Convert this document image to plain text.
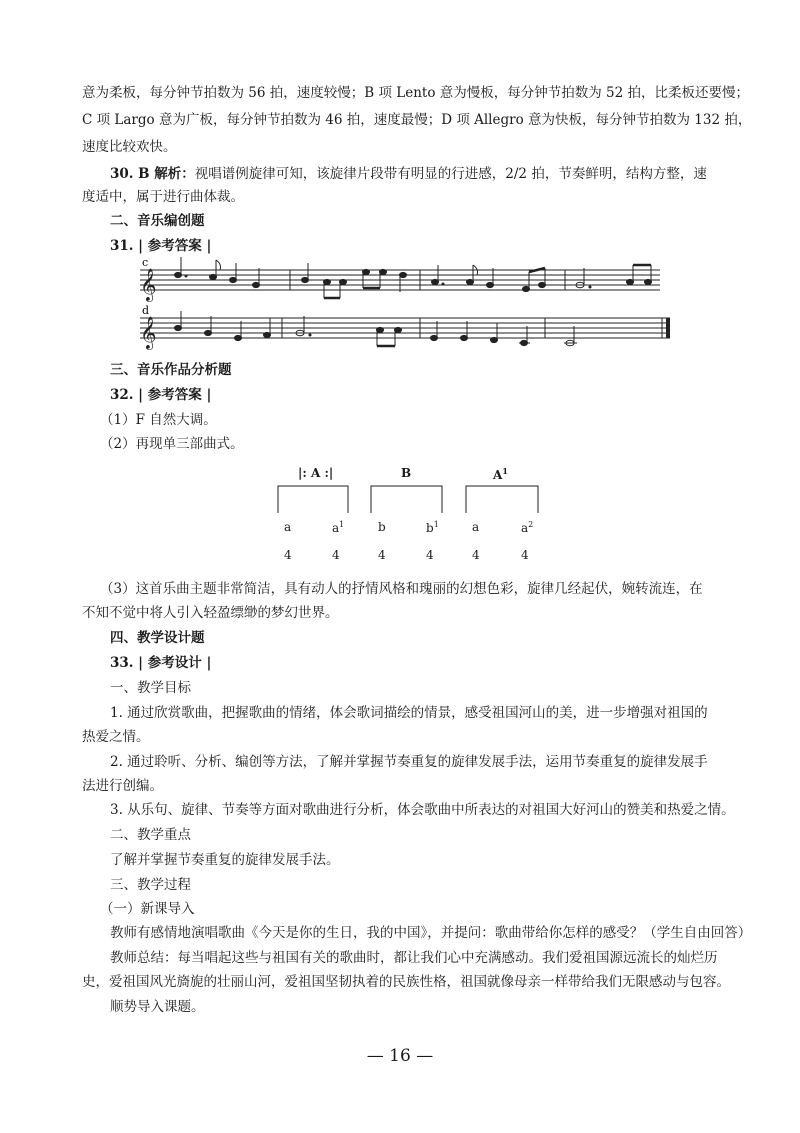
意为柔板，每分钟节拍数为 56 拍，速度较慢；B 项 Lento 意为慢板，每分钟节拍数为 52 拍，比柔板还要慢；
C 项 Largo 意为广板，每分钟节拍数为 46 拍，速度最慢；D 项 Allegro 意为快板，每分钟节拍数为 132 拍，
速度比较欢快。
30. B 解析：视唱谱例旋律可知，该旋律片段带有明显的行进感，2/2 拍，节奏鲜明，结构方整，速
度适中，属于进行曲体裁。
二、音乐编创题
31. | 参考答案 |
𝄞
𝄞
c
d
三、音乐作品分析题
32. | 参考答案 |
（1）F 自然大调。
（2）再现单三部曲式。
|: A :|	B	$A^1$
a	$a^1$	b	$b^1$	a	$a^2$
4	4	4	4	4	4
（3）这首乐曲主题非常简洁，具有动人的抒情风格和瑰丽的幻想色彩，旋律几经起伏，婉转流连，在
不知不觉中将人引入轻盈缥缈的梦幻世界。
四、教学设计题
33. | 参考设计 |
一、教学目标
1. 通过欣赏歌曲，把握歌曲的情绪，体会歌词描绘的情景，感受祖国河山的美，进一步增强对祖国的
热爱之情。
2. 通过聆听、分析、编创等方法，了解并掌握节奏重复的旋律发展手法，运用节奏重复的旋律发展手
法进行创编。
3. 从乐句、旋律、节奏等方面对歌曲进行分析，体会歌曲中所表达的对祖国大好河山的赞美和热爱之情。
二、教学重点
了解并掌握节奏重复的旋律发展手法。
三、教学过程
（一）新课导入
教师有感情地演唱歌曲《今天是你的生日，我的中国》，并提问：歌曲带给你怎样的感受？（学生自由回答）
教师总结：每当唱起这些与祖国有关的歌曲时，都让我们心中充满感动。我们爱祖国源远流长的灿烂历
史，爱祖国风光旖旎的壮丽山河，爱祖国坚韧执着的民族性格，祖国就像母亲一样带给我们无限感动与包容。
顺势导入课题。
— 16 —
